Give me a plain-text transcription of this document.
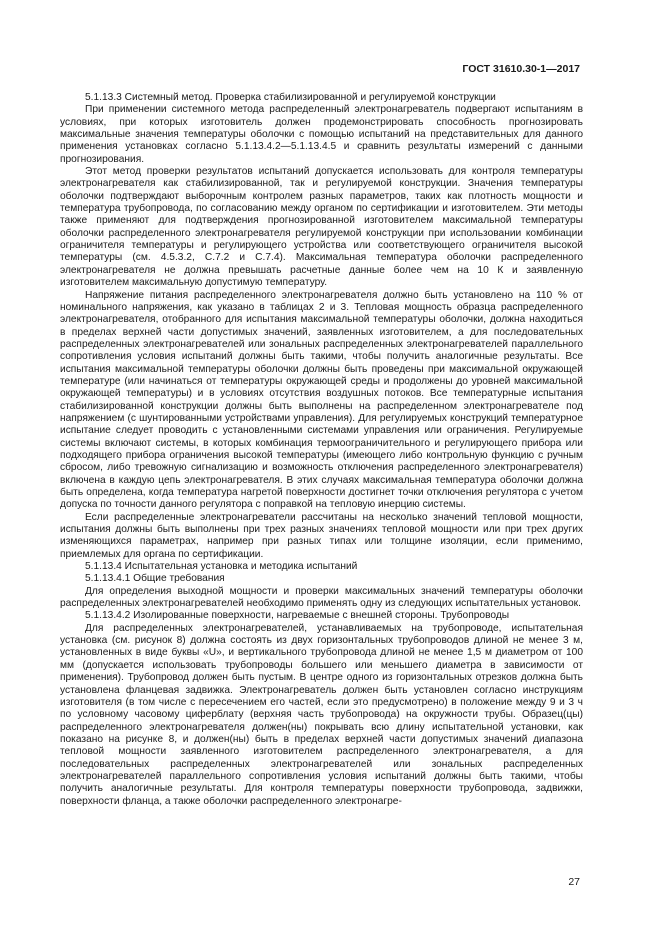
ГОСТ 31610.30-1—2017

5.1.13.3 Системный метод. Проверка стабилизированной и регулируемой конструкции

При применении системного метода распределенный электронагреватель подвергают испытаниям в условиях, при которых изготовитель должен продемонстрировать способность прогнозировать максимальные значения температуры оболочки с помощью испытаний на представительных для данного применения установках согласно 5.1.13.4.2—5.1.13.4.5 и сравнить результаты измерений с данными прогнозирования.

Этот метод проверки результатов испытаний допускается использовать для контроля температуры электронагревателя как стабилизированной, так и регулируемой конструкции. Значения температуры оболочки подтверждают выборочным контролем разных параметров, таких как плотность мощности и температура трубопровода, по согласованию между органом по сертификации и изготовителем. Эти методы также применяют для подтверждения прогнозированной изготовителем максимальной температуры оболочки распределенного электронагревателя регулируемой конструкции при использовании комбинации ограничителя температуры и регулирующего устройства или соответствующего ограничителя высокой температуры (см. 4.5.3.2, С.7.2 и С.7.4). Максимальная температура оболочки распределенного электронагревателя не должна превышать расчетные данные более чем на 10 К и заявленную изготовителем максимальную допустимую температуру.

Напряжение питания распределенного электронагревателя должно быть установлено на 110 % от номинального напряжения, как указано в таблицах 2 и 3. Тепловая мощность образца распределенного электронагревателя, отобранного для испытания максимальной температуры оболочки, должна находиться в пределах верхней части допустимых значений, заявленных изготовителем, а для последовательных распределенных электронагревателей или зональных распределенных электронагревателей параллельного сопротивления условия испытаний должны быть такими, чтобы получить аналогичные результаты. Все испытания максимальной температуры оболочки должны быть проведены при максимальной окружающей температуре (или начинаться от температуры окружающей среды и продолжены до уровней максимальной окружающей температуры) и в условиях отсутствия воздушных потоков. Все температурные испытания стабилизированной конструкции должны быть выполнены на распределенном электронагревателе под напряжением (с шунтированными устройствами управления). Для регулируемых конструкций температурное испытание следует проводить с установленными системами управления или ограничения. Регулируемые системы включают системы, в которых комбинация термоограничительного и регулирующего прибора или подходящего прибора ограничения высокой температуры (имеющего либо контрольную функцию с ручным сбросом, либо тревожную сигнализацию и возможность отключения распределенного электронагревателя) включена в каждую цепь электронагревателя. В этих случаях максимальная температура оболочки должна быть определена, когда температура нагретой поверхности достигнет точки отключения регулятора с учетом допуска по точности данного регулятора с поправкой на тепловую инерцию системы.

Если распределенные электронагреватели рассчитаны на несколько значений тепловой мощности, испытания должны быть выполнены при трех разных значениях тепловой мощности или при трех других изменяющихся параметрах, например при разных типах или толщине изоляции, если применимо, приемлемых для органа по сертификации.

5.1.13.4 Испытательная установка и методика испытаний

5.1.13.4.1 Общие требования

Для определения выходной мощности и проверки максимальных значений температуры оболочки распределенных электронагревателей необходимо применять одну из следующих испытательных установок.

5.1.13.4.2 Изолированные поверхности, нагреваемые с внешней стороны. Трубопроводы

Для распределенных электронагревателей, устанавливаемых на трубопроводе, испытательная установка (см. рисунок 8) должна состоять из двух горизонтальных трубопроводов длиной не менее 3 м, установленных в виде буквы «U», и вертикального трубопровода длиной не менее 1,5 м диаметром от 100 мм (допускается использовать трубопроводы большего или меньшего диаметра в зависимости от применения). Трубопровод должен быть пустым. В центре одного из горизонтальных отрезков должна быть установлена фланцевая задвижка. Электронагреватель должен быть установлен согласно инструкциям изготовителя (в том числе с пересечением его частей, если это предусмотрено) в положение между 9 и 3 ч по условному часовому циферблату (верхняя часть трубопровода) на окружности трубы. Образец(цы) распределенного электронагревателя должен(ны) покрывать всю длину испытательной установки, как показано на рисунке 8, и должен(ны) быть в пределах верхней части допустимых значений диапазона тепловой мощности заявленного изготовителем распределенного электронагревателя, а для последовательных распределенных электронагревателей или зональных распределенных электронагревателей параллельного сопротивления условия испытаний должны быть такими, чтобы получить аналогичные результаты. Для контроля температуры поверхности трубопровода, задвижки, поверхности фланца, а также оболочки распределенного электронагре-

27
